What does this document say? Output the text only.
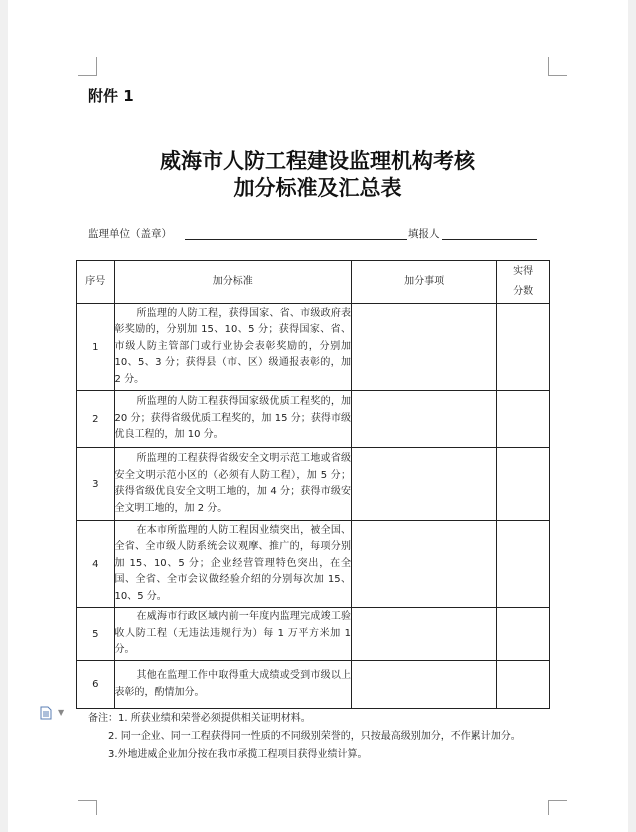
附件 1
威海市人防工程建设监理机构考核
加分标准及汇总表
监理单位（盖章）	填报人
序号	加分标准	加分事项	实得
分数

1	所监理的人防工程，获得国家、省、市级政府表彰奖励的，分别加 15、10、5 分；获得国家、省、市级人防主管部门或行业协会表彰奖励的，分别加 10、5、3 分；获得县（市、区）级通报表彰的，加 2 分。		

2	所监理的人防工程获得国家级优质工程奖的，加 20 分；获得省级优质工程奖的，加 15 分；获得市级优良工程的，加 10 分。		

3	所监理的工程获得省级安全文明示范工地或省级安全文明示范小区的（必须有人防工程），加 5 分；获得省级优良安全文明工地的，加 4 分；获得市级安全文明工地的，加 2 分。		

4	在本市所监理的人防工程因业绩突出，被全国、全省、全市级人防系统会议观摩、推广的，每项分别加 15、10、5 分；企业经营管理特色突出，在全国、全省、全市会议做经验介绍的分别每次加 15、10、5 分。		

5	在威海市行政区域内前一年度内监理完成竣工验收人防工程（无违法违规行为）每 1 万平方米加 1 分。		

6	其他在监理工作中取得重大成绩或受到市级以上表彰的，酌情加分。		

▼

备注：1. 所获业绩和荣誉必须提供相关证明材料。

2. 同一企业、同一工程获得同一性质的不同级别荣誉的，只按最高级别加分，不作累计加分。

3.外地进威企业加分按在我市承揽工程项目获得业绩计算。
